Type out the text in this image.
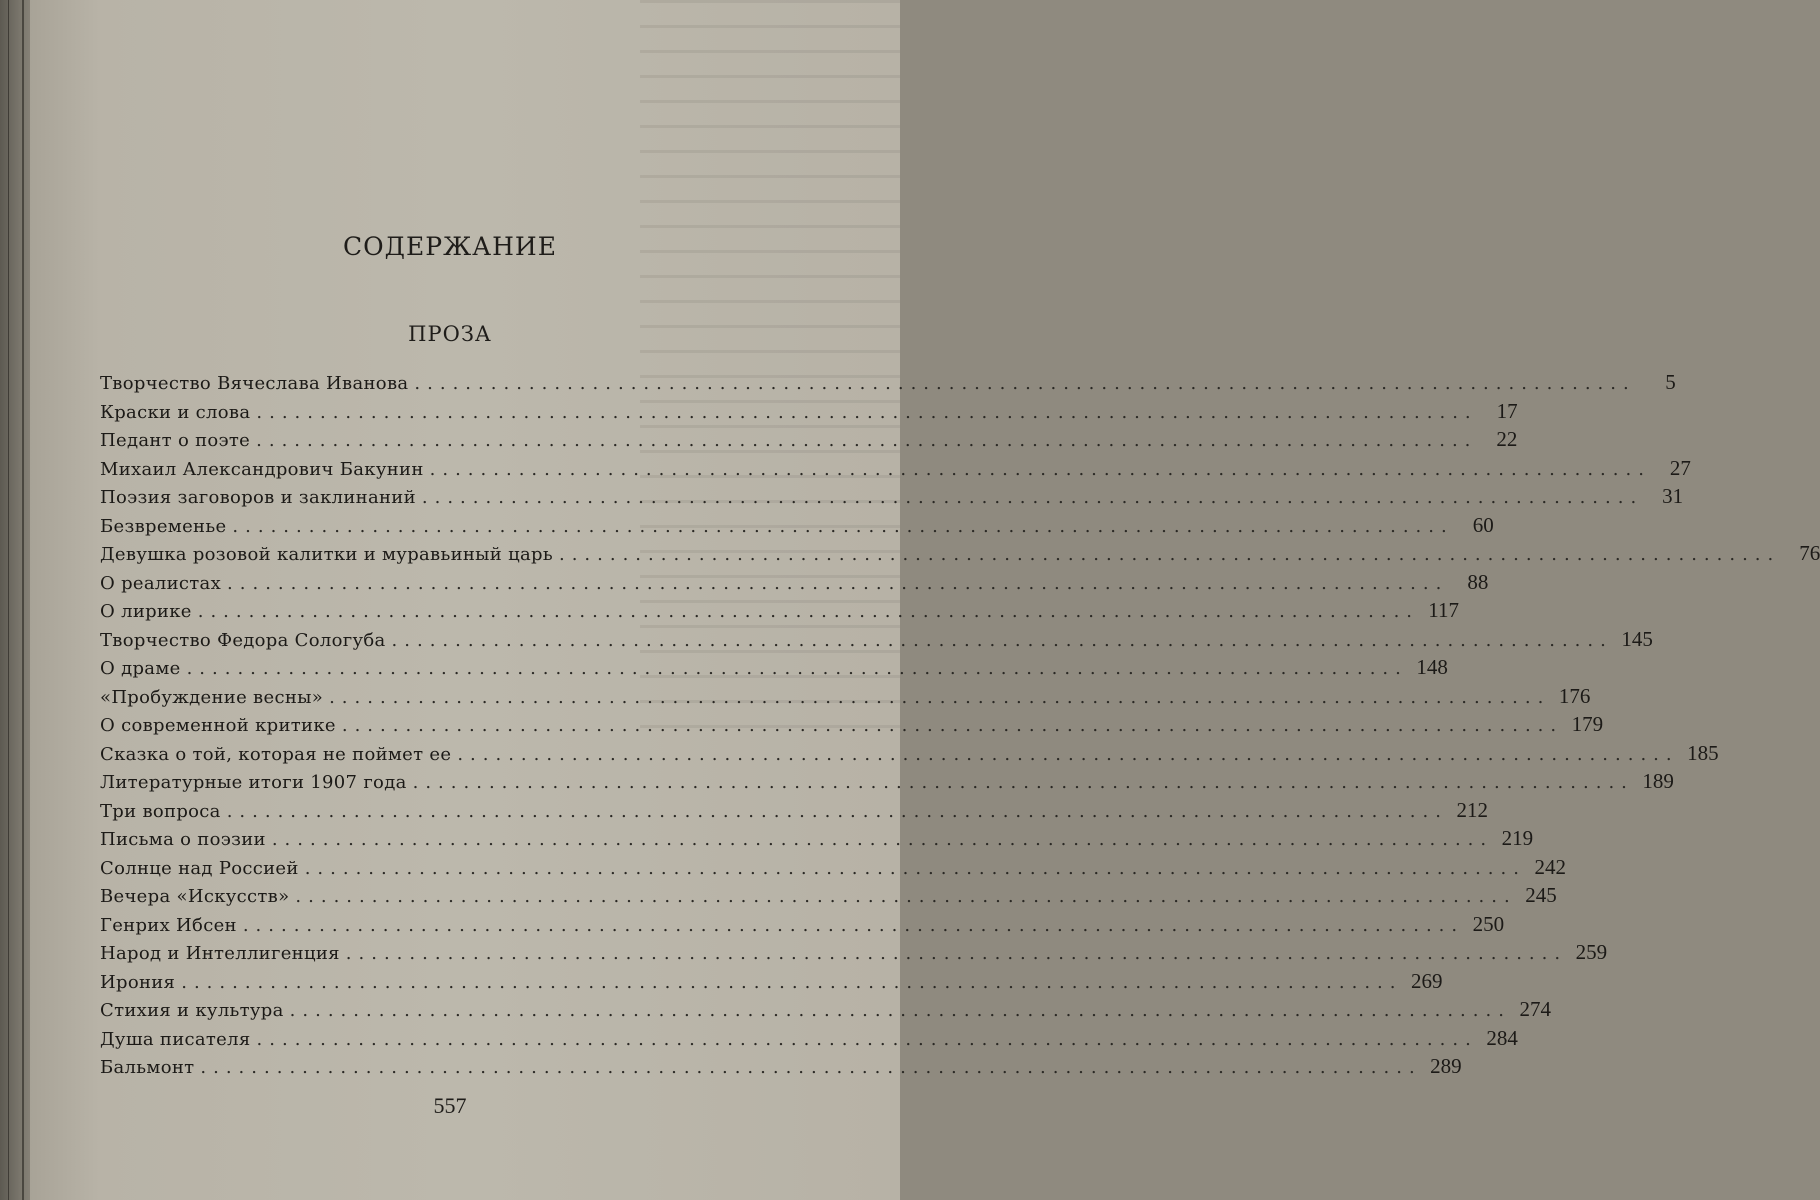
СОДЕРЖАНИЕ
ПРОЗА
Творчество Вячеслава Иванова ................................................................................................	5
Краски и слова ................................................................................................ 17
Педант о поэте ................................................................................................ 22
Михаил Александрович Бакунин ................................................................................................ 27
Поэзия заговоров и заклинаний ................................................................................................ 31
Безвременье ................................................................................................ 60
Девушка розовой калитки и муравьиный царь ................................................................................................ 76
О реалистах ................................................................................................ 88
О лирике ................................................................................................ 117
Творчество Федора Сологуба ................................................................................................ 145
О драме ................................................................................................ 148
«Пробуждение весны» ................................................................................................ 176
О современной критике ................................................................................................ 179
Сказка о той, которая не поймет ее ................................................................................................ 185
Литературные итоги 1907 года ................................................................................................ 189
Три вопроса ................................................................................................ 212
Письма о поэзии ................................................................................................ 219
Солнце над Россией ................................................................................................ 242
Вечера «Искусств» ................................................................................................ 245
Генрих Ибсен ................................................................................................ 250
Народ и Интеллигенция ................................................................................................ 259
Ирония ................................................................................................ 269
Стихия и культура ................................................................................................ 274
Душа писателя ................................................................................................ 284
Бальмонт ................................................................................................ 289
557
